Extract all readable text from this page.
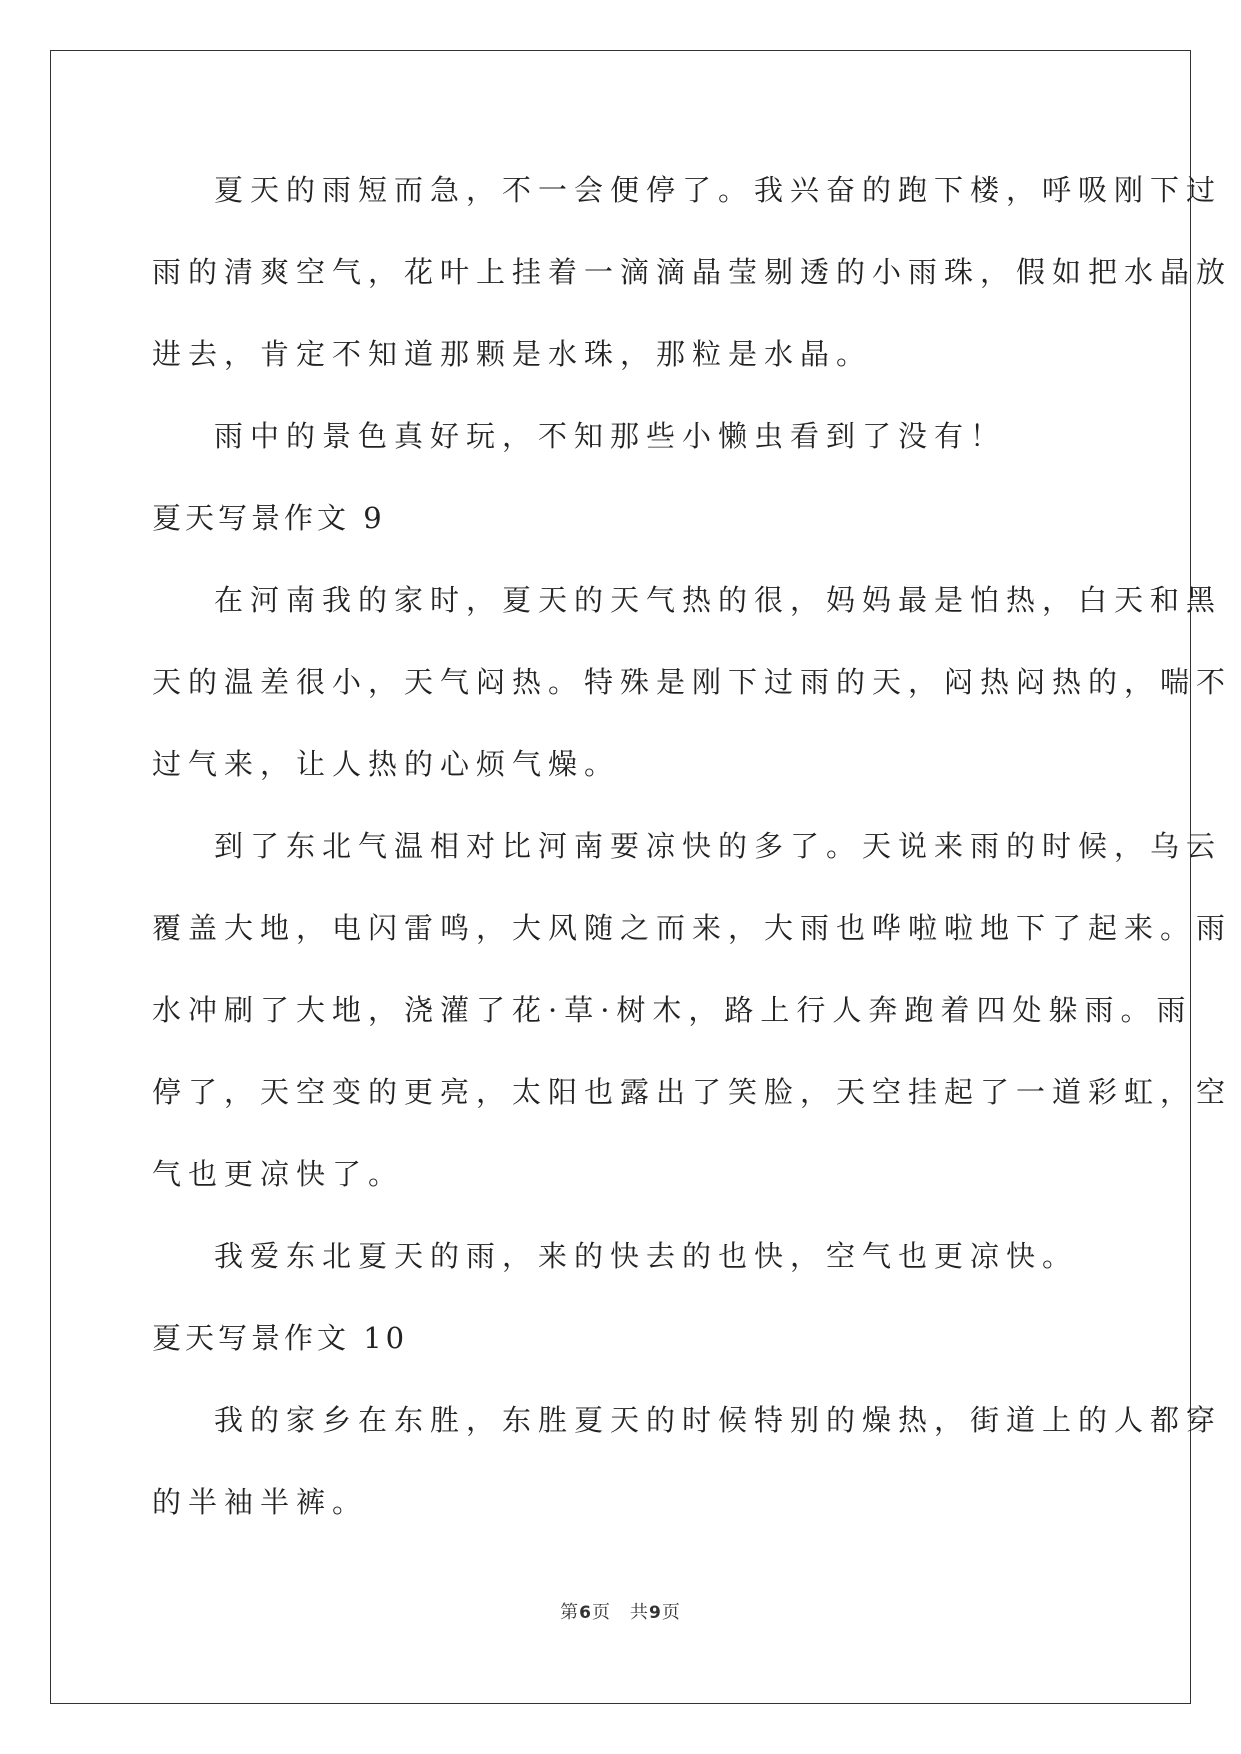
夏天的雨短而急，不一会便停了。我兴奋的跑下楼，呼吸刚下过
雨的清爽空气，花叶上挂着一滴滴晶莹剔透的小雨珠，假如把水晶放
进去，肯定不知道那颗是水珠，那粒是水晶。
雨中的景色真好玩，不知那些小懒虫看到了没有！
夏天写景作文 9
在河南我的家时，夏天的天气热的很，妈妈最是怕热，白天和黑
天的温差很小，天气闷热。特殊是刚下过雨的天，闷热闷热的，喘不
过气来，让人热的心烦气燥。
到了东北气温相对比河南要凉快的多了。天说来雨的时候，乌云
覆盖大地，电闪雷鸣，大风随之而来，大雨也哗啦啦地下了起来。雨
水冲刷了大地，浇灌了花·草·树木，路上行人奔跑着四处躲雨。雨
停了，天空变的更亮，太阳也露出了笑脸，天空挂起了一道彩虹，空
气也更凉快了。
我爱东北夏天的雨，来的快去的也快，空气也更凉快。
夏天写景作文 10
我的家乡在东胜，东胜夏天的时候特别的燥热，街道上的人都穿
的半袖半裤。
第6页　共9页
